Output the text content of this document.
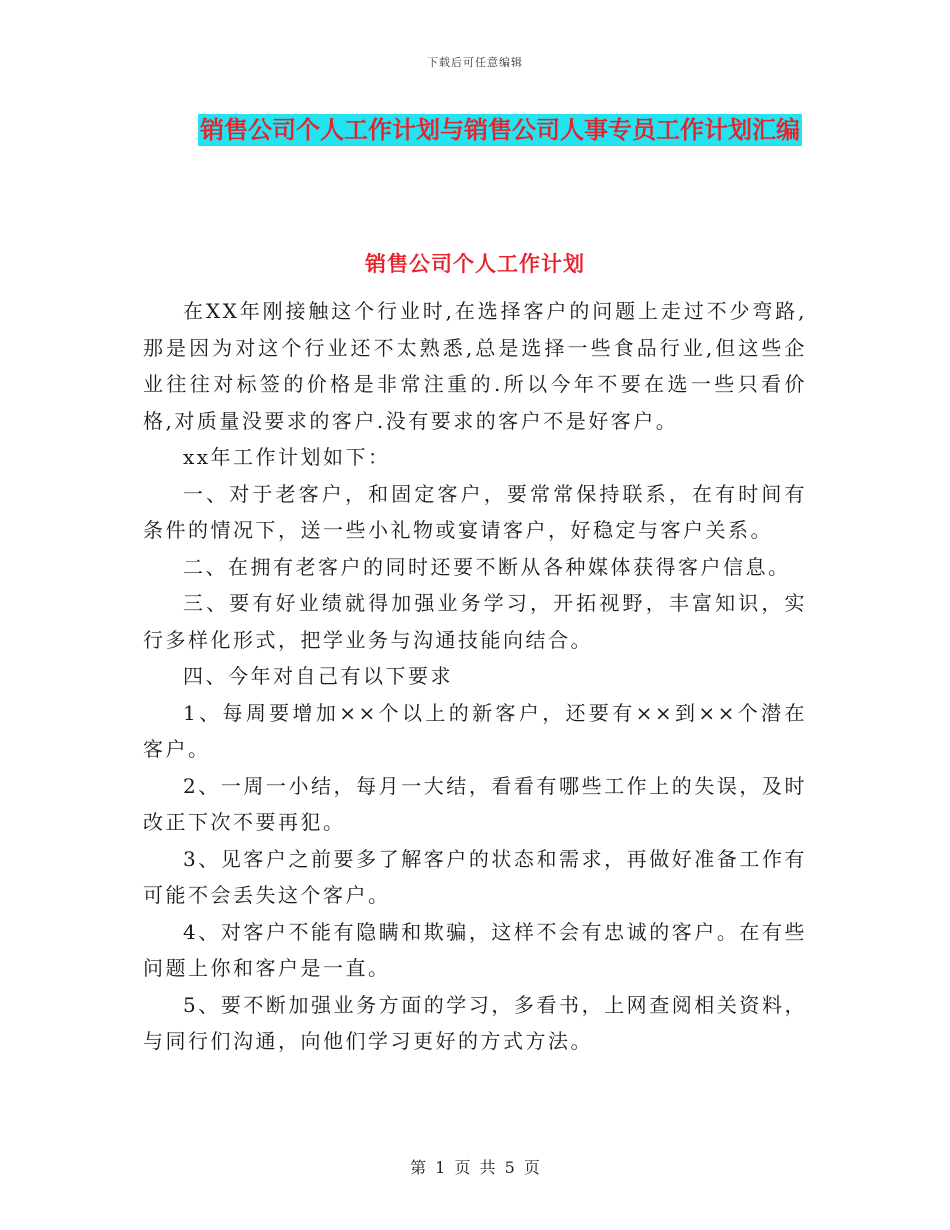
下载后可任意编辑
销售公司个人工作计划与销售公司人事专员工作计划汇编
销售公司个人工作计划

在XX年刚接触这个行业时,在选择客户的问题上走过不少弯路,那是因为对这个行业还不太熟悉,总是选择一些食品行业,但这些企业往往对标签的价格是非常注重的.所以今年不要在选一些只看价格,对质量没要求的客户.没有要求的客户不是好客户。

xx年工作计划如下：

一、对于老客户，和固定客户，要常常保持联系，在有时间有条件的情况下，送一些小礼物或宴请客户，好稳定与客户关系。

二、在拥有老客户的同时还要不断从各种媒体获得客户信息。

三、要有好业绩就得加强业务学习，开拓视野，丰富知识，实行多样化形式，把学业务与沟通技能向结合。

四、今年对自己有以下要求

1、每周要增加××个以上的新客户，还要有××到××个潜在客户。

2、一周一小结，每月一大结，看看有哪些工作上的失误，及时改正下次不要再犯。

3、见客户之前要多了解客户的状态和需求，再做好准备工作有可能不会丢失这个客户。

4、对客户不能有隐瞒和欺骗，这样不会有忠诚的客户。在有些问题上你和客户是一直。

5、要不断加强业务方面的学习，多看书，上网查阅相关资料，与同行们沟通，向他们学习更好的方式方法。

第 1 页 共 5 页
